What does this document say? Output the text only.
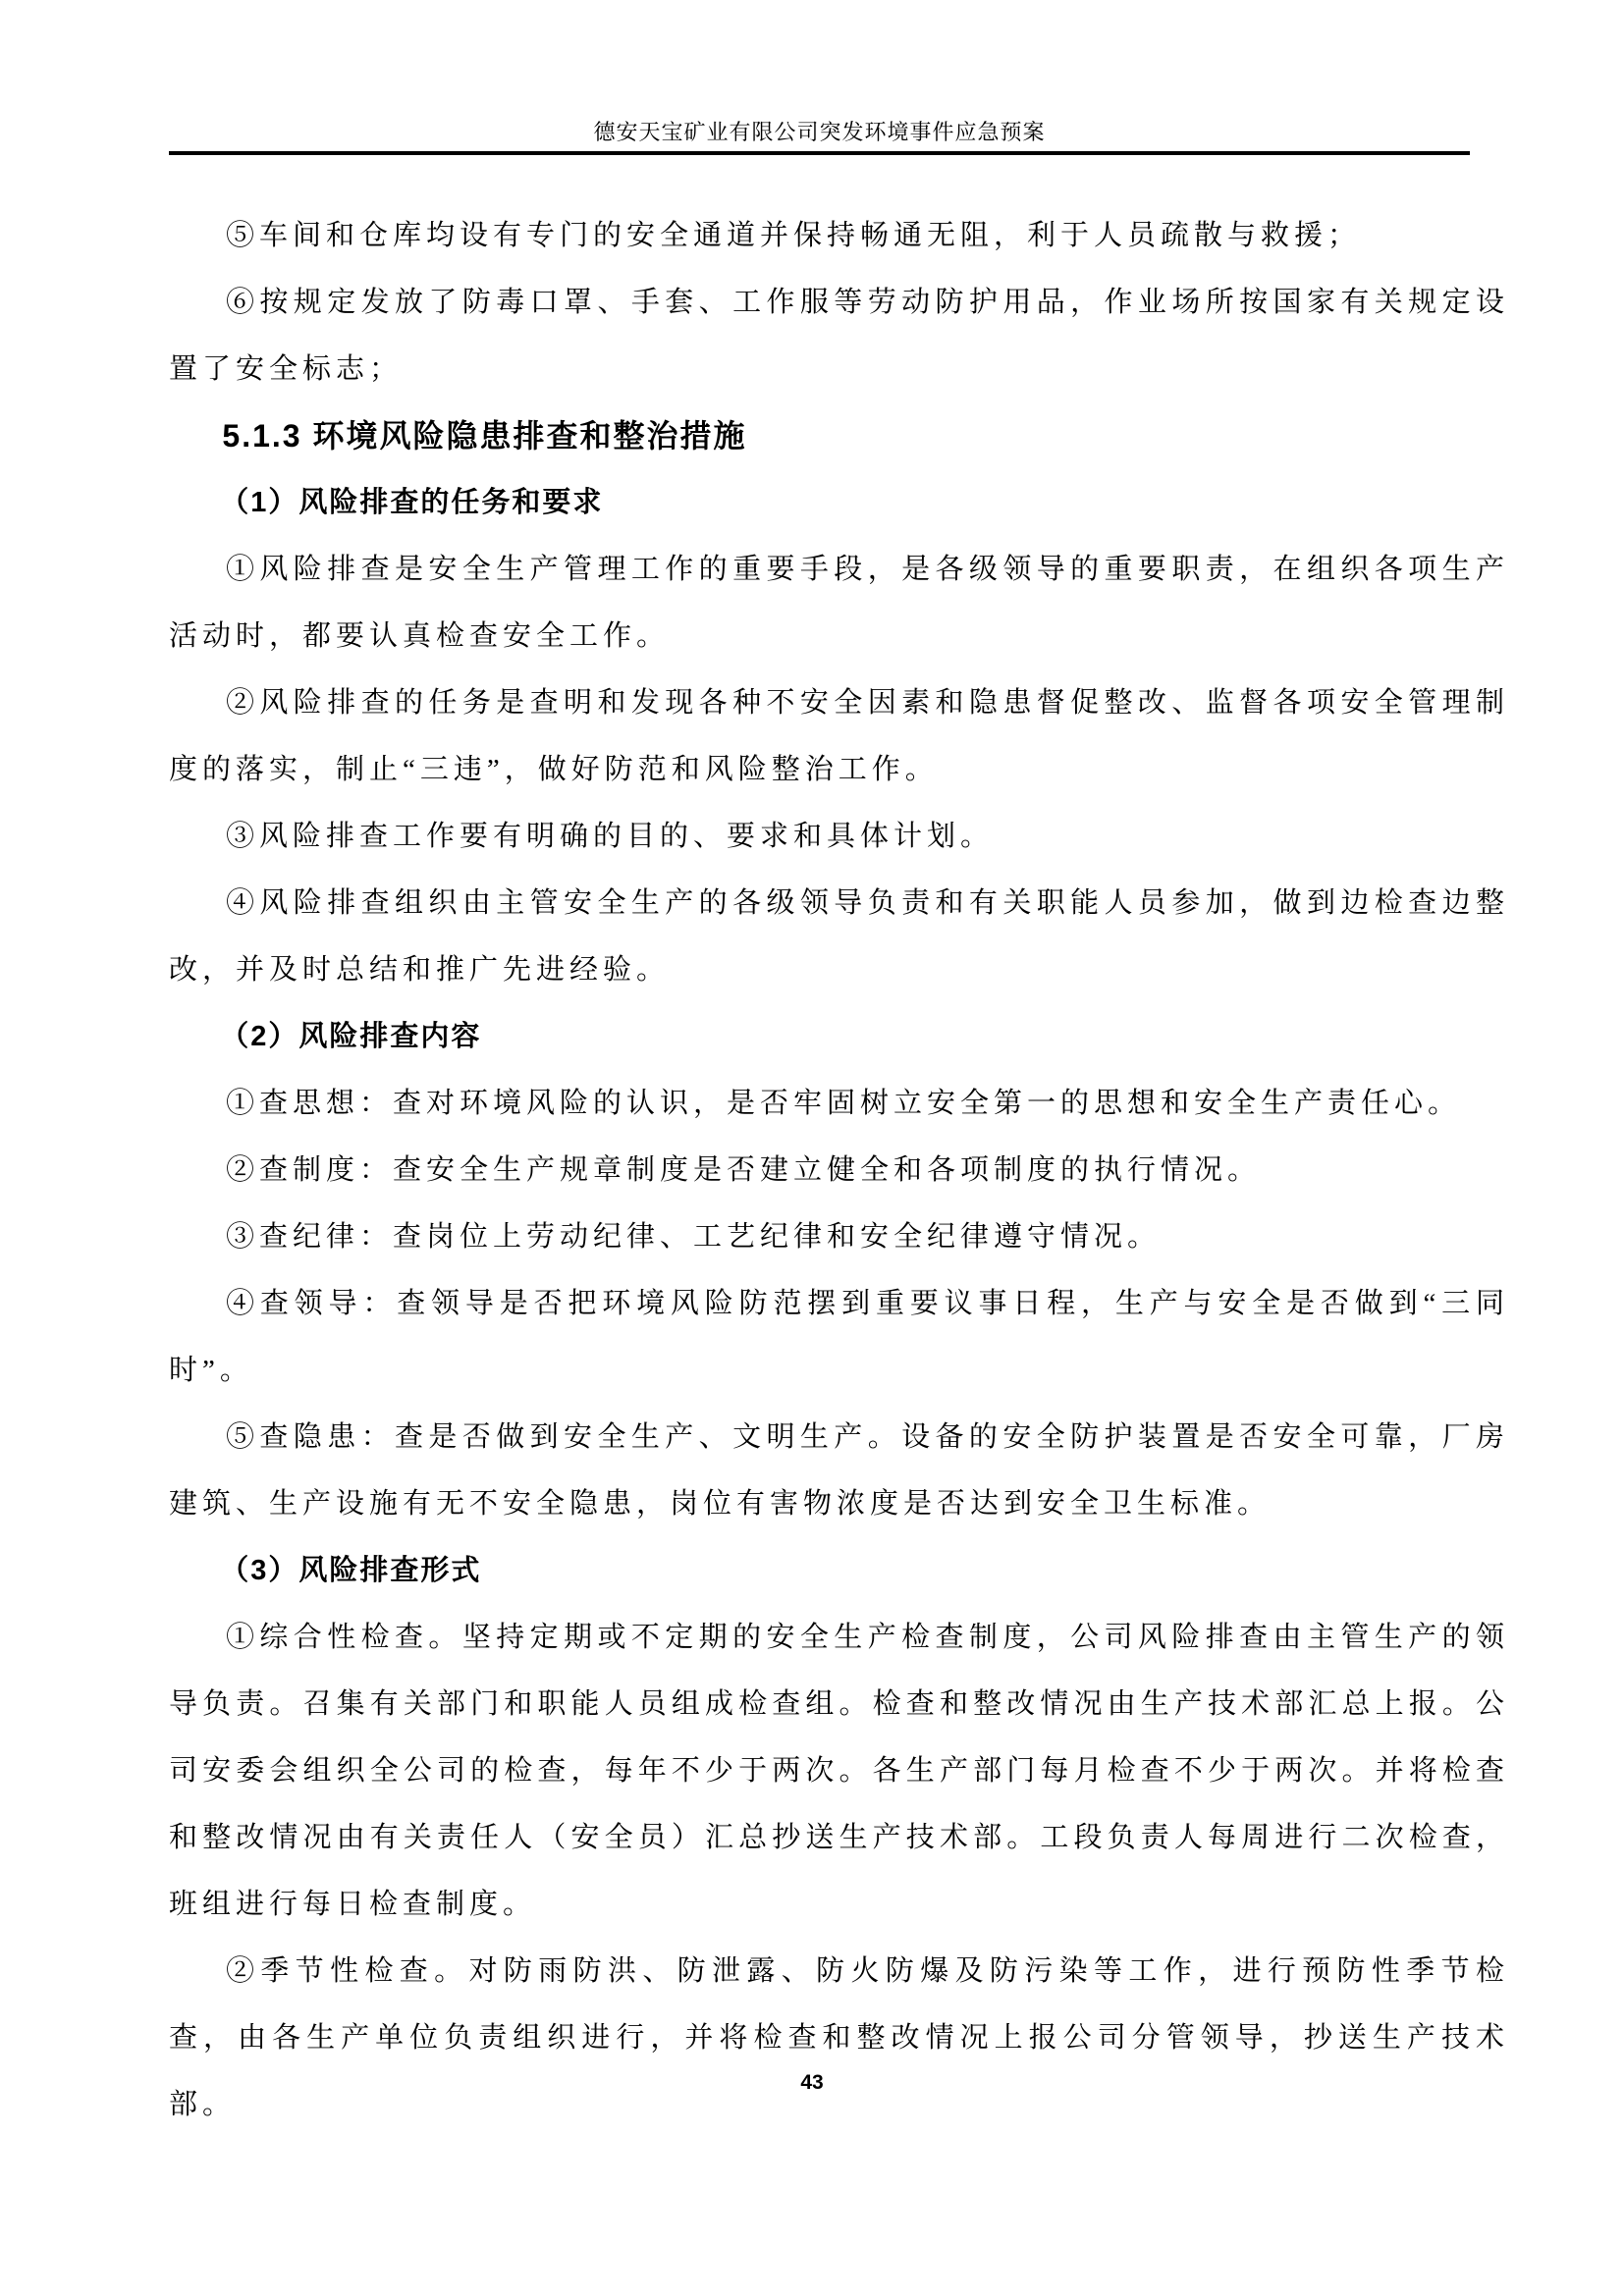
德安天宝矿业有限公司突发环境事件应急预案

⑤车间和仓库均设有专门的安全通道并保持畅通无阻，利于人员疏散与救援；

⑥按规定发放了防毒口罩、手套、工作服等劳动防护用品，作业场所按国家有关规定设置了安全标志；

5.1.3 环境风险隐患排查和整治措施

（1）风险排查的任务和要求

①风险排查是安全生产管理工作的重要手段，是各级领导的重要职责，在组织各项生产活动时，都要认真检查安全工作。

②风险排查的任务是查明和发现各种不安全因素和隐患督促整改、监督各项安全管理制度的落实，制止“三违”，做好防范和风险整治工作。

③风险排查工作要有明确的目的、要求和具体计划。

④风险排查组织由主管安全生产的各级领导负责和有关职能人员参加，做到边检查边整改，并及时总结和推广先进经验。

（2）风险排查内容

①查思想：查对环境风险的认识，是否牢固树立安全第一的思想和安全生产责任心。

②查制度：查安全生产规章制度是否建立健全和各项制度的执行情况。

③查纪律：查岗位上劳动纪律、工艺纪律和安全纪律遵守情况。

④查领导：查领导是否把环境风险防范摆到重要议事日程，生产与安全是否做到“三同时”。

⑤查隐患：查是否做到安全生产、文明生产。设备的安全防护装置是否安全可靠，厂房建筑、生产设施有无不安全隐患，岗位有害物浓度是否达到安全卫生标准。

（3）风险排查形式

①综合性检查。坚持定期或不定期的安全生产检查制度，公司风险排查由主管生产的领导负责。召集有关部门和职能人员组成检查组。检查和整改情况由生产技术部汇总上报。公司安委会组织全公司的检查，每年不少于两次。各生产部门每月检查不少于两次。并将检查和整改情况由有关责任人（安全员）汇总抄送生产技术部。工段负责人每周进行二次检查，班组进行每日检查制度。

②季节性检查。对防雨防洪、防泄露、防火防爆及防污染等工作，进行预防性季节检查，由各生产单位负责组织进行，并将检查和整改情况上报公司分管领导，抄送生产技术部。

43
